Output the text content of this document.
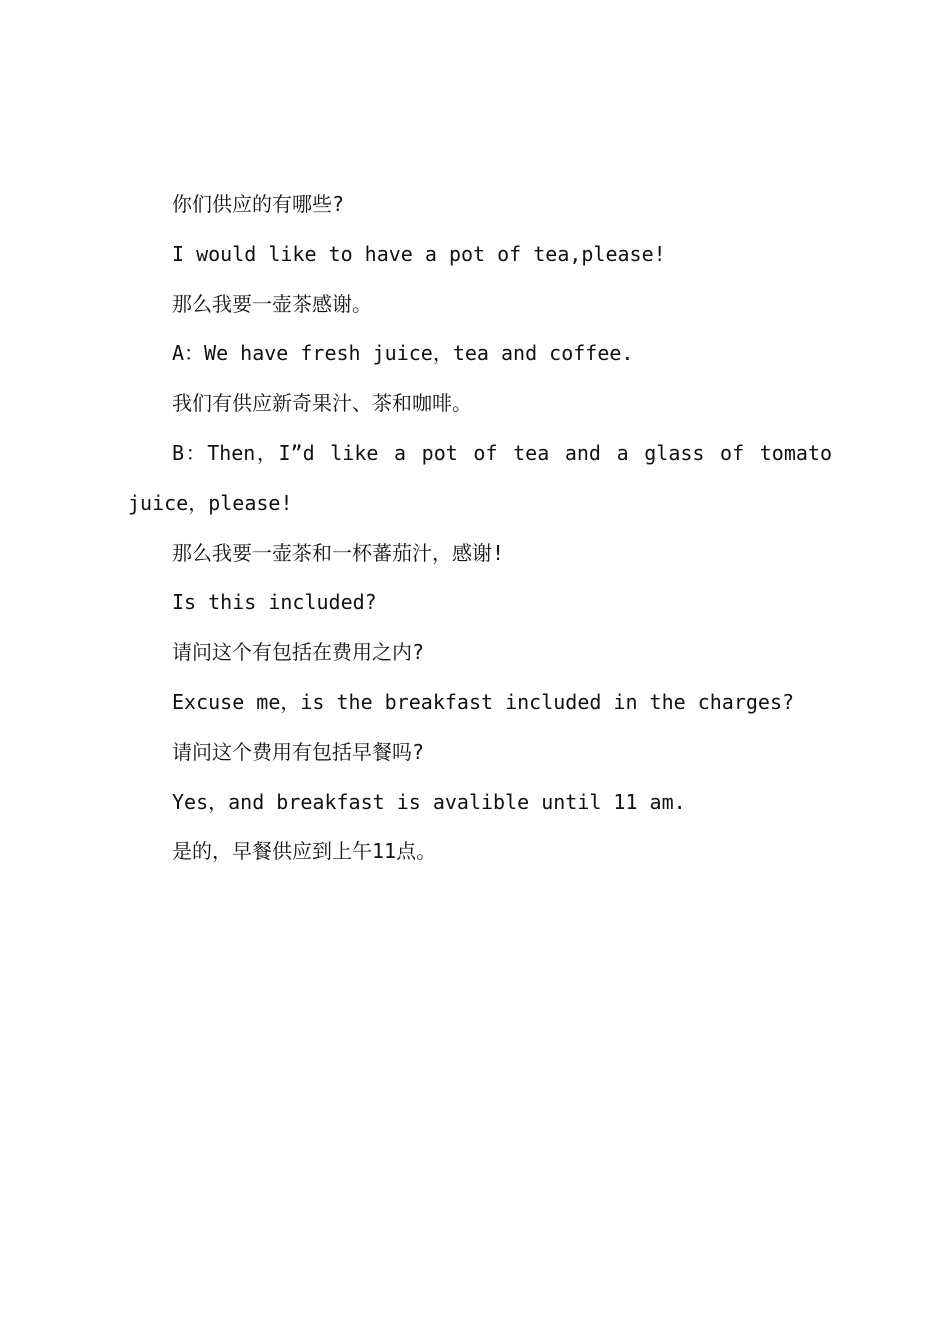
你们供应的有哪些?

I would like to have a pot of tea,please!

那么我要一壶茶感谢。

A：We have fresh juice，tea and coffee.

我们有供应新奇果汁、茶和咖啡。

B：Then，I”d like a pot of tea and a glass of tomato juice，please!

那么我要一壶茶和一杯蕃茄汁，感谢!

Is this included?

请问这个有包括在费用之内?

Excuse me，is the breakfast included in the charges?

请问这个费用有包括早餐吗?

Yes，and breakfast is avalible until 11 am.

是的，早餐供应到上午11点。
